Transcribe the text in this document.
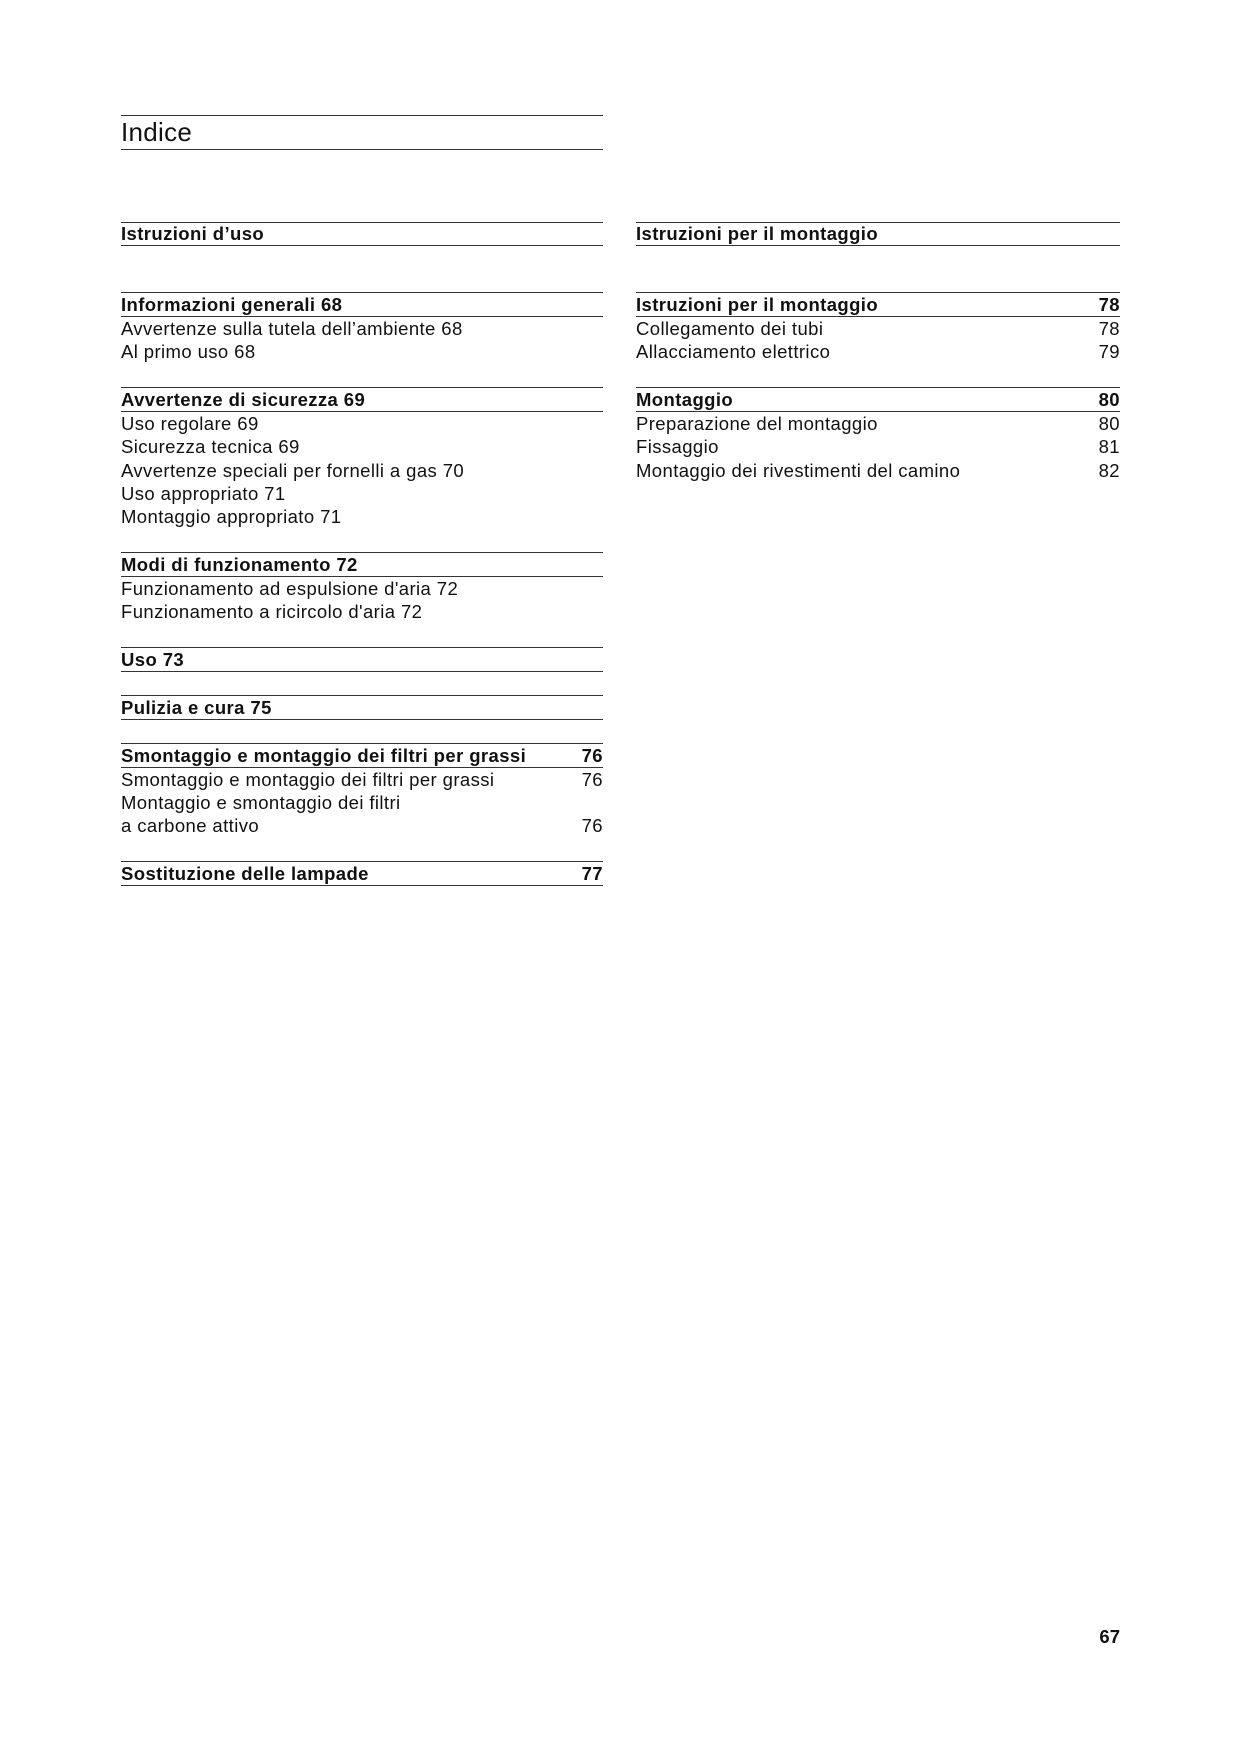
Indice
Istruzioni d’uso
Informazioni generali 68
Avvertenze sulla tutela dell’ambiente 68
Al primo uso 68
Avvertenze di sicurezza 69
Uso regolare 69
Sicurezza tecnica 69
Avvertenze speciali per fornelli a gas 70
Uso appropriato 71
Montaggio appropriato 71
Modi di funzionamento 72
Funzionamento ad espulsione d'aria 72
Funzionamento a ricircolo d'aria 72
Uso 73
Pulizia e cura 75
Smontaggio e montaggio dei filtri per grassi	76
Smontaggio e montaggio dei filtri per grassi	76
Montaggio e smontaggio dei filtri
a carbone attivo	76
Sostituzione delle lampade	77
Istruzioni per il montaggio
Istruzioni per il montaggio	78
Collegamento dei tubi	78
Allacciamento elettrico	79
Montaggio	80
Preparazione del montaggio	80
Fissaggio	81
Montaggio dei rivestimenti del camino	82
67
